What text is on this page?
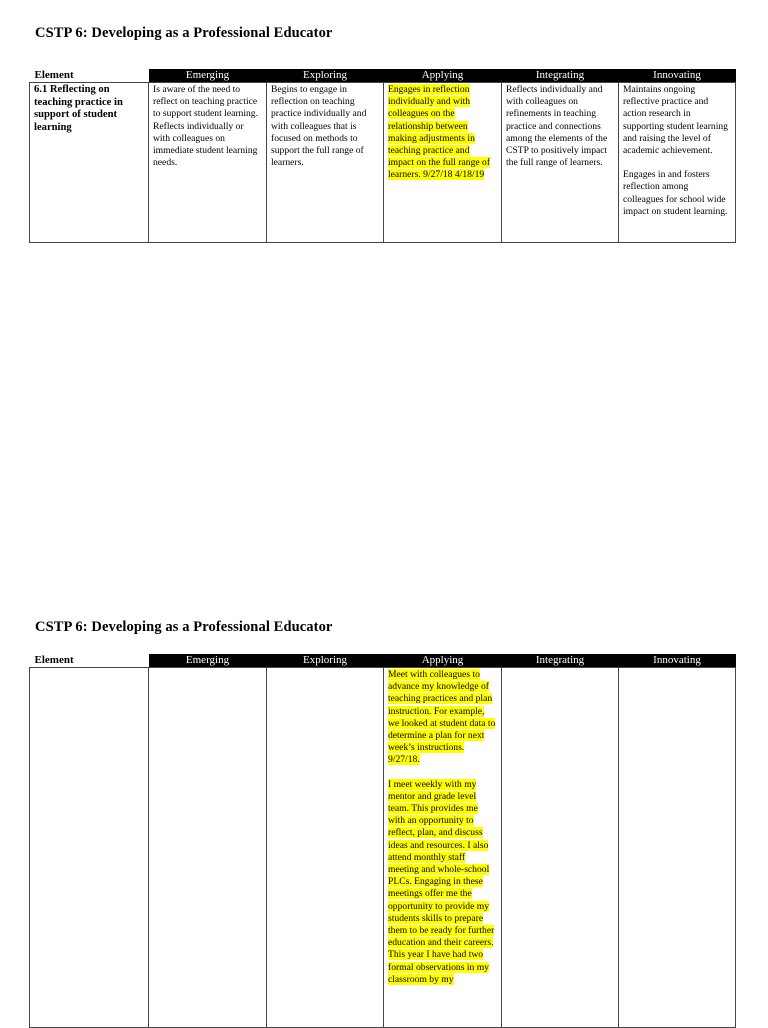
CSTP 6: Developing as a Professional Educator
Element	Emerging	Exploring	Applying	Integrating	Innovating
6.1 Reflecting on teaching practice in support of student learning	Is aware of the need to reflect on teaching practice to support student learning. Reflects individually or with colleagues on immediate student learning needs.	Begins to engage in reflection on teaching practice individually and with colleagues that is focused on methods to support the full range of learners.	Engages in reflection individually and with colleagues on the relationship between making adjustments in teaching practice and impact on the full range of learners. 9/27/18 4/18/19	Reflects individually and with colleagues on refinements in teaching practice and connections among the elements of the CSTP to positively impact the full range of learners.	Maintains ongoing reflective practice and action research in supporting student learning and raising the level of academic achievement.

Engages in and fosters reflection among colleagues for school wide impact on student learning.

CSTP 6: Developing as a Professional Educator
Element	Emerging	Exploring	Applying	Integrating	Innovating

			Meet with colleagues to advance my knowledge of teaching practices and plan instruction. For example, we looked at student data to determine a plan for next week’s instructions. 9/27/18.

I meet weekly with my mentor and grade level team. This provides me with an opportunity to reflect, plan, and discuss ideas and resources. I also attend monthly staff meeting and whole-school PLCs. Engaging in these meetings offer me the opportunity to provide my students skills to prepare them to be ready for further education and their careers. This year I have had two formal observations in my classroom by my		
